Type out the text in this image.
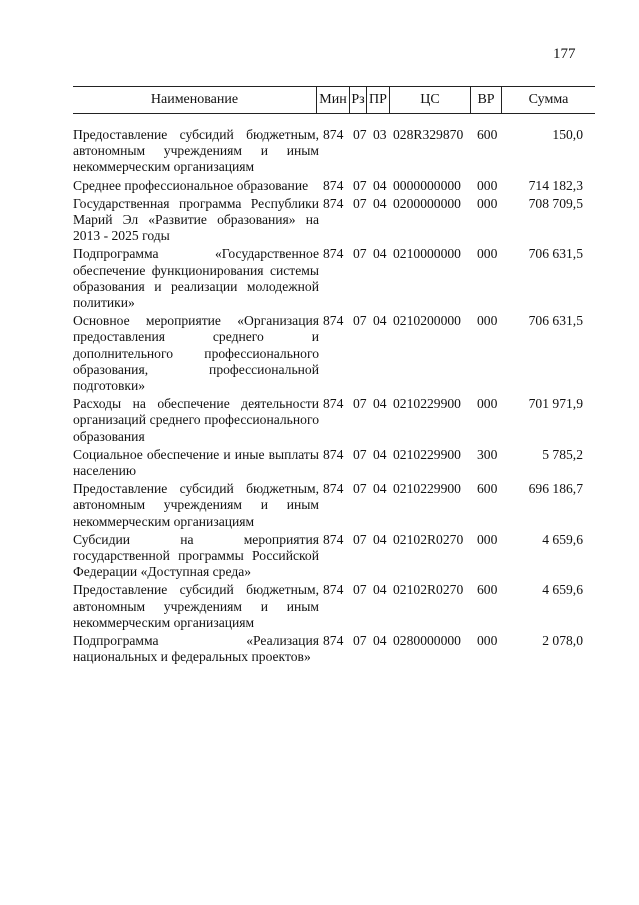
177
Наименование	Мин Рз ПР	ЦС	ВР	Сумма
Предоставление субсидий бюджетным, автономным учреждениям и иным некоммерческим организациям
874 07 03 028R329870 600	150,0
Среднее профессиональное образование	874 07 04 0000000000 000 714 182,3
Государственная программа Республики Марий Эл «Развитие образования» на 2013 - 2025 годы
874 07 04 0200000000 000 708 709,5
Подпрограмма «Государственное обеспечение функционирования системы образования и реализации молодежной политики»
874 07 04 0210000000 000 706 631,5
Основное мероприятие «Организация предоставления среднего и дополнительного профессионального образования, профессиональной подготовки»
874 07 04 0210200000 000 706 631,5
Расходы на обеспечение деятельности организаций среднего профессионального образования
874 07 04 0210229900 000 701 971,9
Социальное обеспечение и иные выплаты населению
874 07 04 0210229900 300	5 785,2
Предоставление субсидий бюджетным, автономным учреждениям и иным некоммерческим организациям
874 07 04 0210229900 600 696 186,7
Субсидии на мероприятия государственной программы Российской Федерации «Доступная среда»
874 07 04 02102R0270 000	4 659,6
Предоставление субсидий бюджетным, автономным учреждениям и иным некоммерческим организациям
874 07 04 02102R0270 600	4 659,6
Подпрограмма «Реализация национальных и федеральных проектов»
874 07 04 0280000000 000	2 078,0
